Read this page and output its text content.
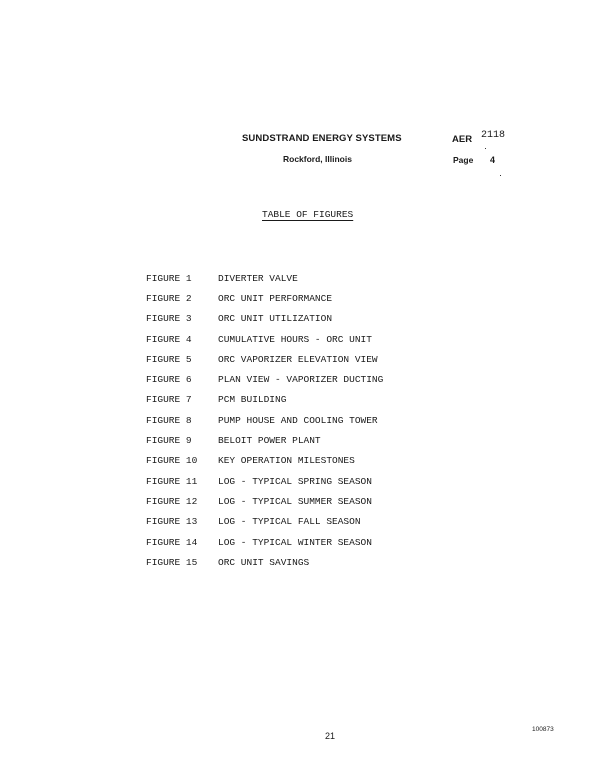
SUNDSTRAND ENERGY SYSTEMS
Rockford, Illinois
AER 2118
Page 4
TABLE OF FIGURES
FIGURE 1	DIVERTER VALVE
FIGURE 2	ORC UNIT PERFORMANCE
FIGURE 3	ORC UNIT UTILIZATION
FIGURE 4	CUMULATIVE HOURS - ORC UNIT
FIGURE 5	ORC VAPORIZER ELEVATION VIEW
FIGURE 6	PLAN VIEW - VAPORIZER DUCTING
FIGURE 7	PCM BUILDING
FIGURE 8	PUMP HOUSE AND COOLING TOWER
FIGURE 9	BELOIT POWER PLANT
FIGURE 10	KEY OPERATION MILESTONES
FIGURE 11	LOG - TYPICAL SPRING SEASON
FIGURE 12	LOG - TYPICAL SUMMER SEASON
FIGURE 13	LOG - TYPICAL FALL SEASON
FIGURE 14	LOG - TYPICAL WINTER SEASON
FIGURE 15	ORC UNIT SAVINGS
21
100873
